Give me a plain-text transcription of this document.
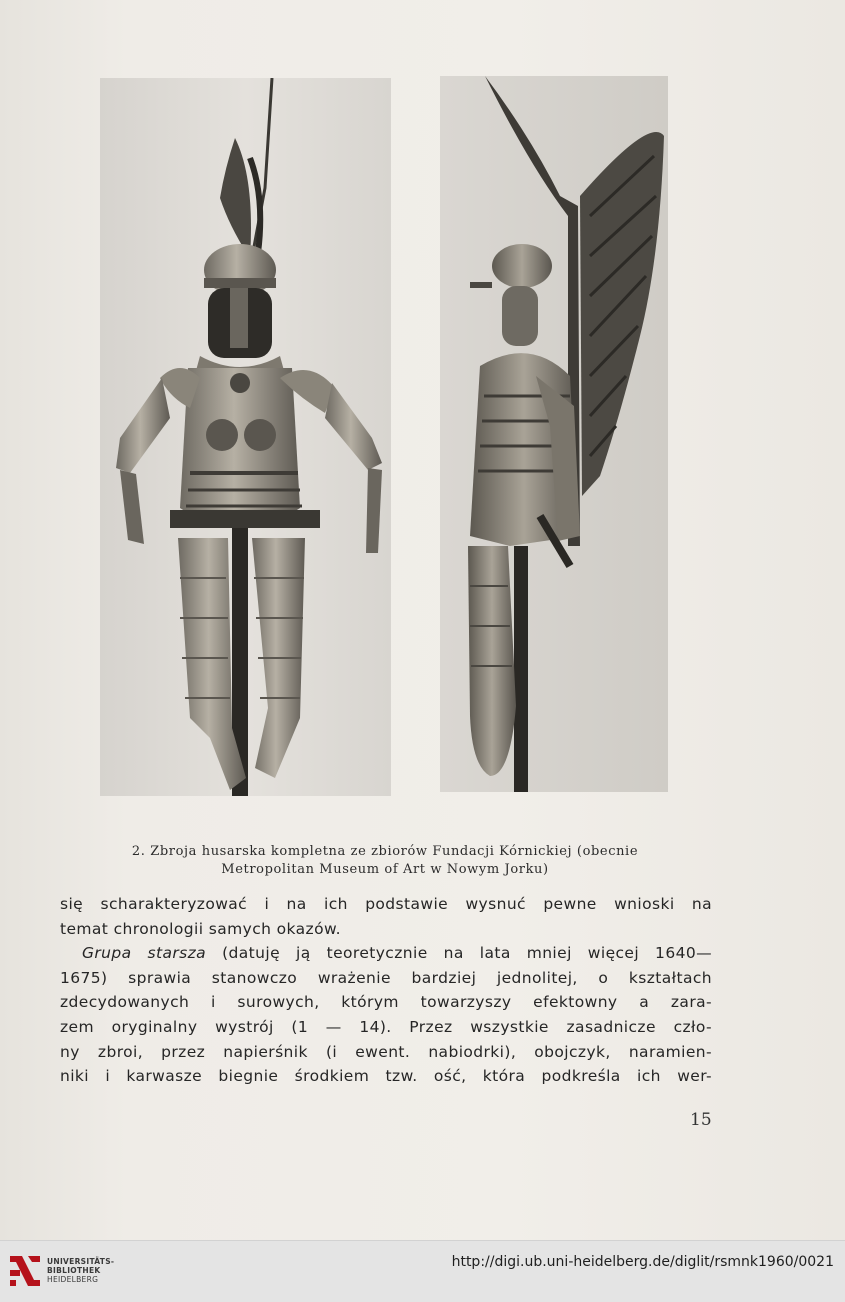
2. Zbroja husarska kompletna ze zbiorów Fundacji Kórnickiej (obecnie
Metropolitan Museum of Art w Nowym Jorku)
się scharakteryzować i na ich podstawie wysnuć pewne wnioski na
temat chronologii samych okazów.
Grupa starsza (datuję ją teoretycznie na lata mniej więcej 1640—
1675) sprawia stanowczo wrażenie bardziej jednolitej, o kształtach
zdecydowanych i surowych, którym towarzyszy efektowny a zara-
zem oryginalny wystrój (1 — 14). Przez wszystkie zasadnicze czło-
ny zbroi, przez napierśnik (i ewent. nabiodrki), obojczyk, naramien-
niki i karwasze biegnie środkiem tzw. ość, która podkreśla ich wer-
15
UNIVERSITÄTS-
BIBLIOTHEK
HEIDELBERG
http://digi.ub.uni-heidelberg.de/diglit/rsmnk1960/0021
